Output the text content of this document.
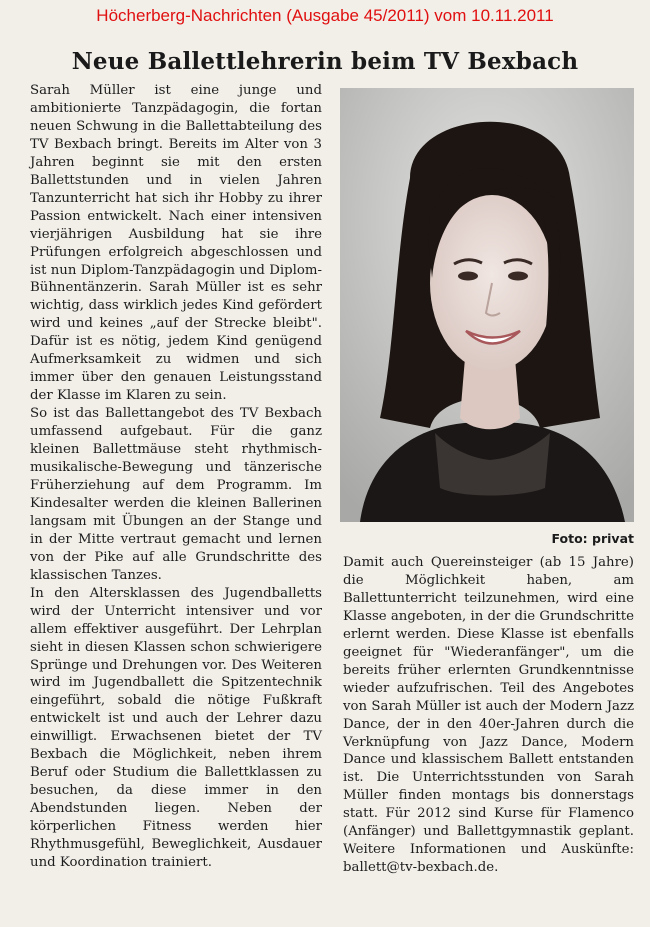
Höcherberg-Nachrichten (Ausgabe 45/2011) vom 10.11.2011
Neue Ballettlehrerin beim TV Bexbach

Sarah Müller ist eine junge und ambitionierte Tanzpädagogin, die fortan neuen Schwung in die Ballettabteilung des TV Bexbach bringt. Bereits im Alter von 3 Jahren beginnt sie mit den ersten Ballettstunden und in vielen Jahren Tanzunterricht hat sich ihr Hobby zu ihrer Passion entwickelt. Nach einer intensiven vierjährigen Ausbildung hat sie ihre Prüfungen erfolgreich abgeschlossen und ist nun Diplom-Tanzpädagogin und Diplom-Bühnentänzerin. Sarah Müller ist es sehr wichtig, dass wirklich jedes Kind gefördert wird und keines „auf der Strecke bleibt". Dafür ist es nötig, jedem Kind genügend Aufmerksamkeit zu widmen und sich immer über den genauen Leistungsstand der Klasse im Klaren zu sein.

So ist das Ballettangebot des TV Bexbach umfassend aufgebaut. Für die ganz kleinen Ballettmäuse steht rhythmisch-musikalische-Bewegung und tänzerische Früherziehung auf dem Programm. Im Kindesalter werden die kleinen Ballerinen langsam mit Übungen an der Stange und in der Mitte vertraut gemacht und lernen von der Pike auf alle Grundschritte des klassischen Tanzes.

In den Altersklassen des Jugendballetts wird der Unterricht intensiver und vor allem effektiver ausgeführt. Der Lehrplan sieht in diesen Klassen schon schwierigere Sprünge und Drehungen vor. Des Weiteren wird im Jugendballett die Spitzentechnik eingeführt, sobald die nötige Fußkraft entwickelt ist und auch der Lehrer dazu einwilligt. Erwachsenen bietet der TV Bexbach die Möglichkeit, neben ihrem Beruf oder Studium die Ballettklassen zu besuchen, da diese immer in den Abendstunden liegen. Neben der körperlichen Fitness werden hier Rhythmusgefühl, Beweglichkeit, Ausdauer und Koordination trainiert.

Foto: privat

Damit auch Quereinsteiger (ab 15 Jahre) die Möglichkeit haben, am Ballettunterricht teilzunehmen, wird eine Klasse angeboten, in der die Grundschritte erlernt werden. Diese Klasse ist ebenfalls geeignet für "Wiederanfänger", um die bereits früher erlernten Grundkenntnisse wieder aufzufrischen. Teil des Angebotes von Sarah Müller ist auch der Modern Jazz Dance, der in den 40er-Jahren durch die Verknüpfung von Jazz Dance, Modern Dance und klassischem Ballett entstanden ist. Die Unterrichtsstunden von Sarah Müller finden montags bis donnerstags statt. Für 2012 sind Kurse für Flamenco (Anfänger) und Ballettgymnastik geplant. Weitere Informationen und Auskünfte: ballett@tv-bexbach.de.
